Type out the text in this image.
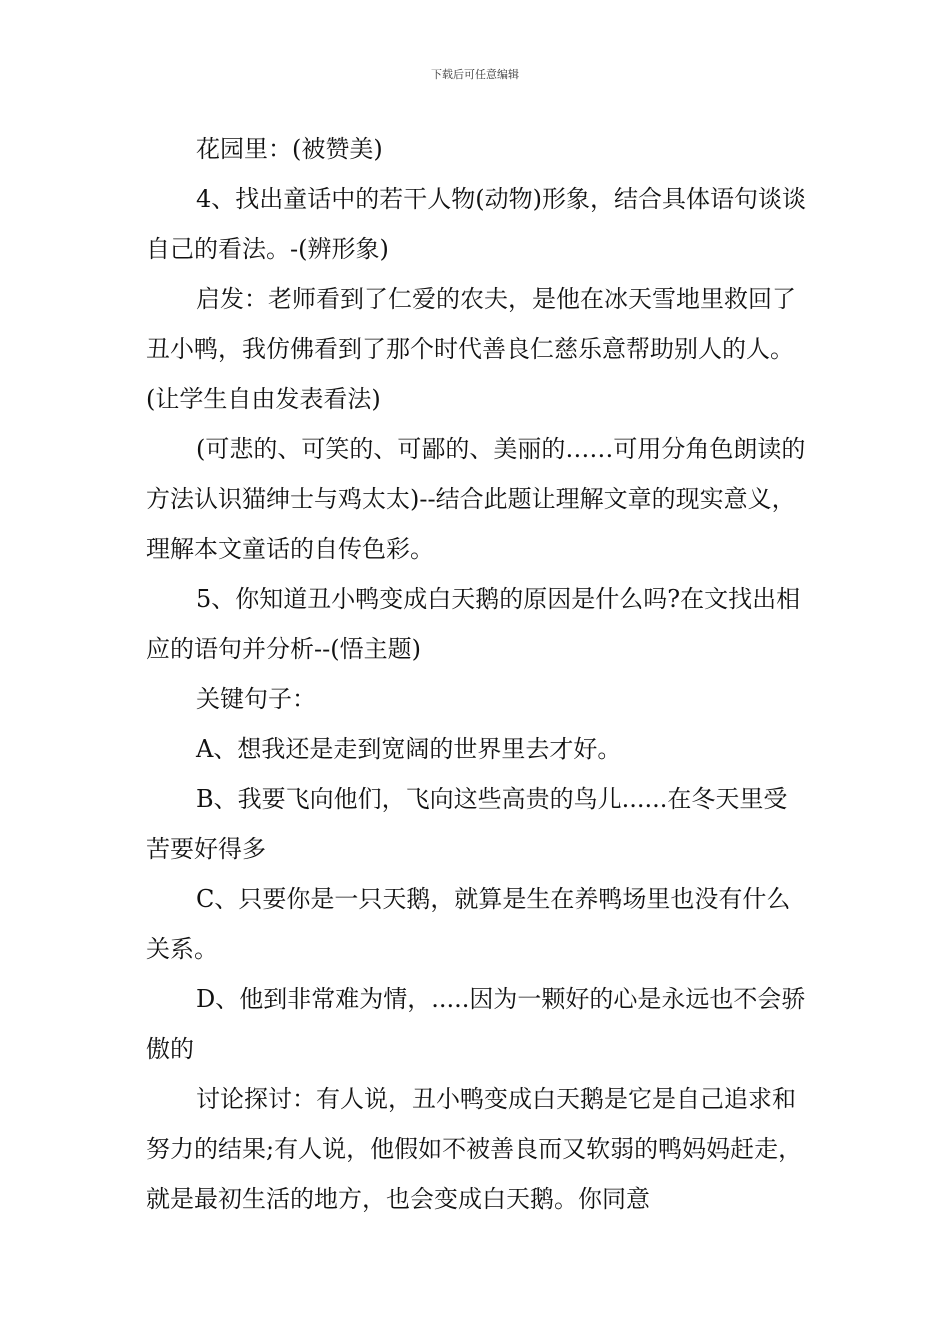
下载后可任意编辑

花园里：(被赞美)

4、找出童话中的若干人物(动物)形象，结合具体语句谈谈自己的看法。-(辨形象)

启发：老师看到了仁爱的农夫，是他在冰天雪地里救回了丑小鸭，我仿佛看到了那个时代善良仁慈乐意帮助别人的人。(让学生自由发表看法)

(可悲的、可笑的、可鄙的、美丽的……可用分角色朗读的方法认识猫绅士与鸡太太)--结合此题让理解文章的现实意义，理解本文童话的自传色彩。

5、你知道丑小鸭变成白天鹅的原因是什么吗?在文找出相应的语句并分析--(悟主题)

关键句子：

A、想我还是走到宽阔的世界里去才好。

B、我要飞向他们，飞向这些高贵的鸟儿......在冬天里受苦要好得多

C、只要你是一只天鹅，就算是生在养鸭场里也没有什么关系。

D、他到非常难为情，.....因为一颗好的心是永远也不会骄傲的

讨论探讨：有人说，丑小鸭变成白天鹅是它是自己追求和努力的结果;有人说，他假如不被善良而又软弱的鸭妈妈赶走，就是最初生活的地方，也会变成白天鹅。你同意
